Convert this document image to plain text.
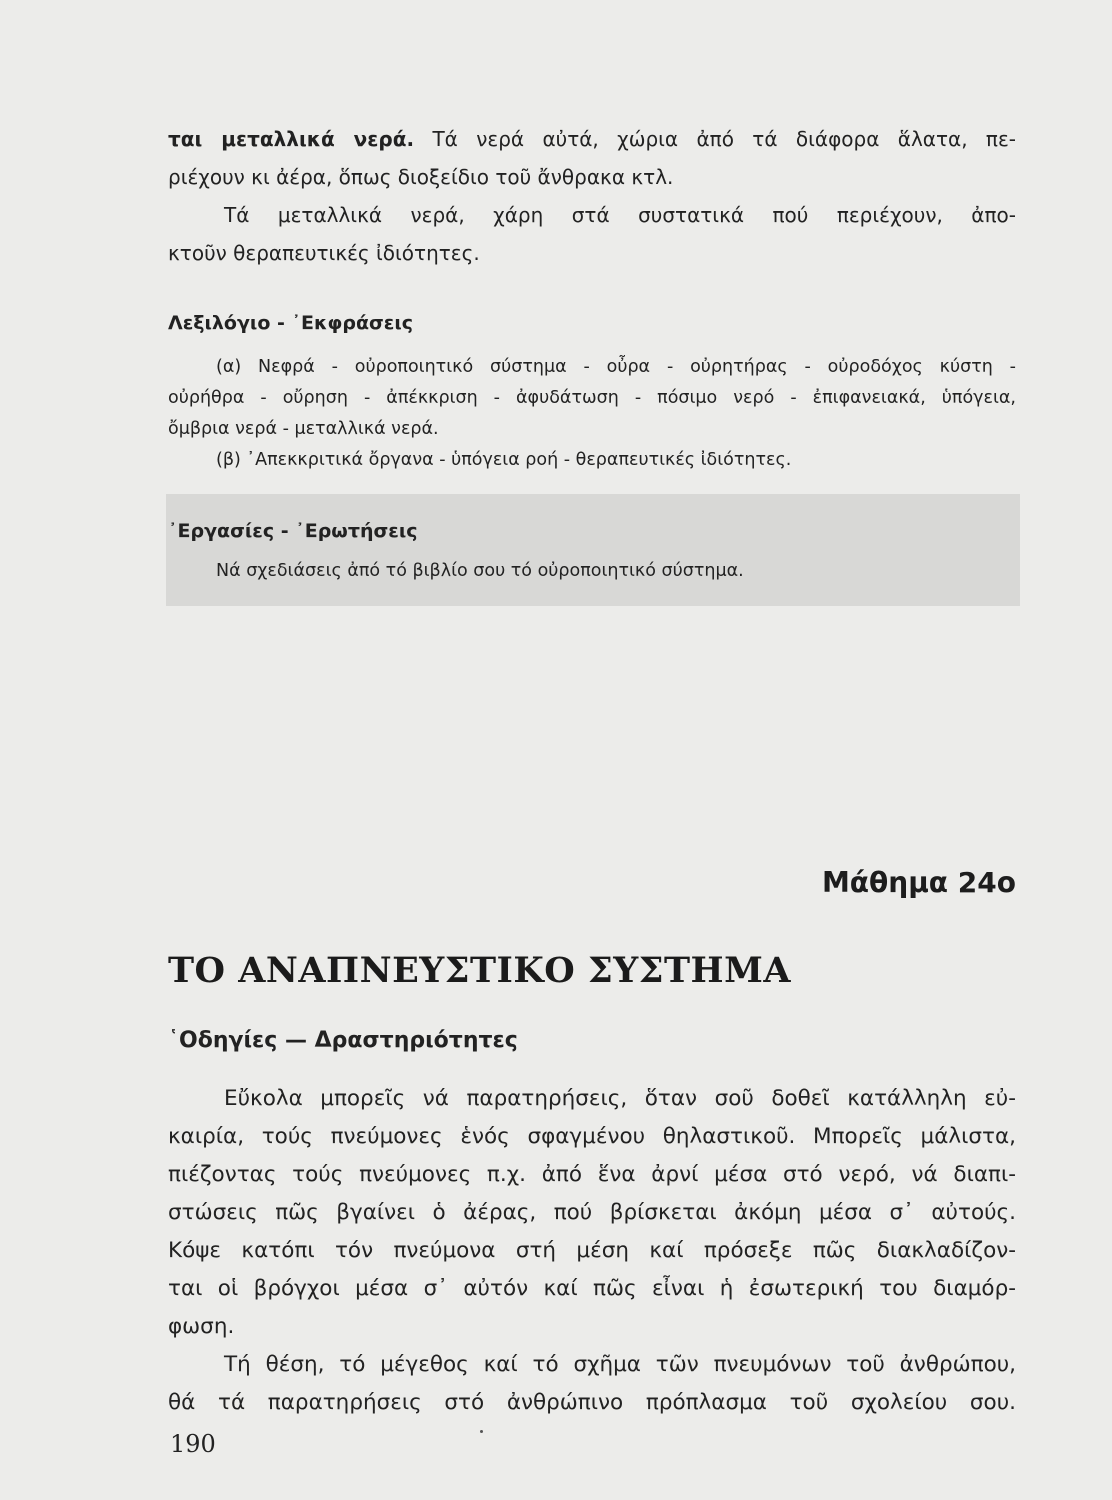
ται μεταλλικά νερά. Τά νερά αὐτά, χώρια ἀπό τά διάφορα ἅλατα, πε-
ριέχουν κι ἀέρα, ὅπως διοξείδιο τοῦ ἄνθρακα κτλ.
Τά μεταλλικά νερά, χάρη στά συστατικά πού περιέχουν, ἀπο-
κτοῦν θεραπευτικές ἰδιότητες.
Λεξιλόγιο - ᾿Εκφράσεις
(α) Νεφρά - οὐροποιητικό σύστημα - οὖρα - οὐρητήρας - οὐροδόχος κύστη -
οὐρήθρα - οὔρηση - ἀπέκκριση - ἀφυδάτωση - πόσιμο νερό - ἐπιφανειακά, ὑπόγεια,
ὄμβρια νερά - μεταλλικά νερά.
(β) ᾿Απεκκριτικά ὄργανα - ὑπόγεια ροή - θεραπευτικές ἰδιότητες.
᾿Εργασίες - ᾿Ερωτήσεις
Νά σχεδιάσεις ἀπό τό βιβλίο σου τό οὐροποιητικό σύστημα.
Μάθημα 24ο
ΤΟ ΑΝΑΠΝΕΥΣΤΙΚΟ ΣΥΣΤΗΜΑ
῾Οδηγίες — Δραστηριότητες
Εὔκολα μπορεῖς νά παρατηρήσεις, ὅταν σοῦ δοθεῖ κατάλληλη εὐ-
καιρία, τούς πνεύμονες ἑνός σφαγμένου θηλαστικοῦ. Μπορεῖς μάλιστα,
πιέζοντας τούς πνεύμονες π.χ. ἀπό ἕνα ἀρνί μέσα στό νερό, νά διαπι-
στώσεις πῶς βγαίνει ὁ ἀέρας, πού βρίσκεται ἀκόμη μέσα σ᾿ αὐτούς.
Κόψε κατόπι τόν πνεύμονα στή μέση καί πρόσεξε πῶς διακλαδίζον-
ται οἱ βρόγχοι μέσα σ᾿ αὐτόν καί πῶς εἶναι ἡ ἐσωτερική του διαμόρ-
φωση.
Τή θέση, τό μέγεθος καί τό σχῆμα τῶν πνευμόνων τοῦ ἀνθρώπου,
θά τά παρατηρήσεις στό ἀνθρώπινο πρόπλασμα τοῦ σχολείου σου.
190
